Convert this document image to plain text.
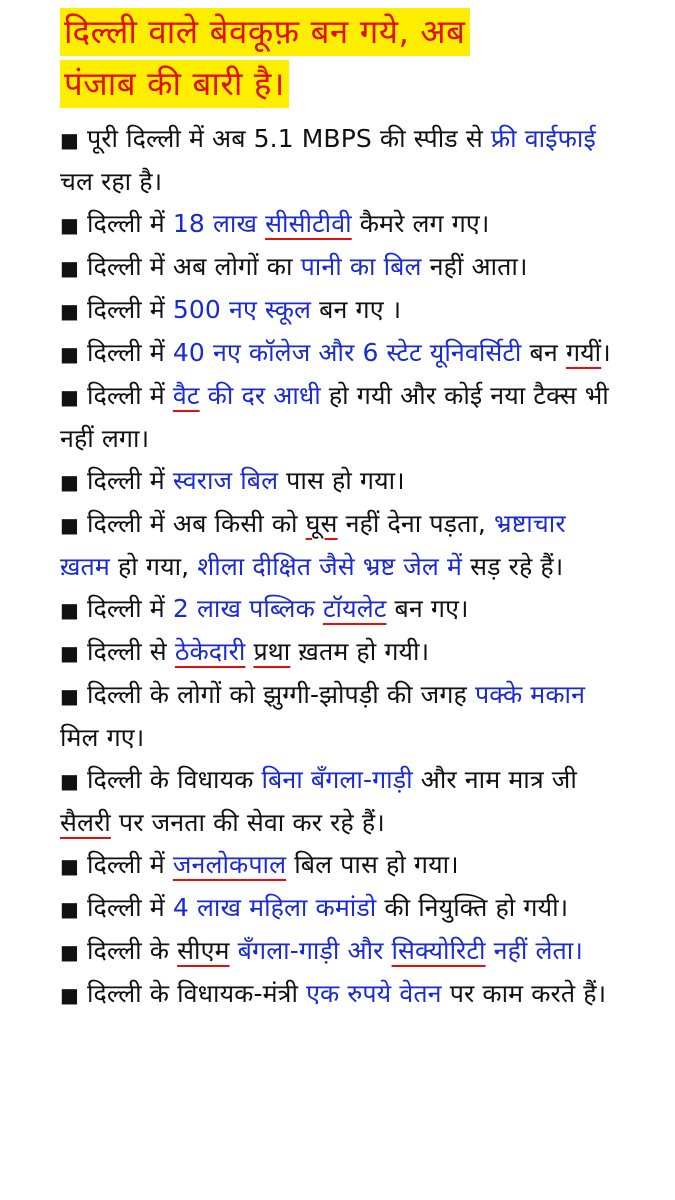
दिल्ली वाले बेवकूफ़ बन गये, अब
पंजाब की बारी है।
■ पूरी दिल्ली में अब 5.1 MBPS की स्पीड से फ्री वाईफाई चल रहा है।
■ दिल्ली में 18 लाख सीसीटीवी कैमरे लग गए।
■ दिल्ली में अब लोगों का पानी का बिल नहीं आता।
■ दिल्ली में 500 नए स्कूल बन गए ।
■ दिल्ली में 40 नए कॉलेज और 6 स्टेट यूनिवर्सिटी बन गयीं।
■ दिल्ली में वैट की दर आधी हो गयी और कोई नया टैक्स भी नहीं लगा।
■ दिल्ली में स्वराज बिल पास हो गया।
■ दिल्ली में अब किसी को घूस नहीं देना पड़ता, भ्रष्टाचार ख़तम हो गया, शीला दीक्षित जैसे भ्रष्ट जेल में सड़ रहे हैं।
■ दिल्ली में 2 लाख पब्लिक टॉयलेट बन गए।
■ दिल्ली से ठेकेदारी प्रथा ख़तम हो गयी।
■ दिल्ली के लोगों को झुग्गी-झोपड़ी की जगह पक्के मकान मिल गए।
■ दिल्ली के विधायक बिना बँगला-गाड़ी और नाम मात्र जी सैलरी पर जनता की सेवा कर रहे हैं।
■ दिल्ली में जनलोकपाल बिल पास हो गया।
■ दिल्ली में 4 लाख महिला कमांडो की नियुक्ति हो गयी।
■ दिल्ली के सीएम बँगला-गाड़ी और सिक्योरिटी नहीं लेता।
■ दिल्ली के विधायक-मंत्री एक रुपये वेतन पर काम करते हैं।
